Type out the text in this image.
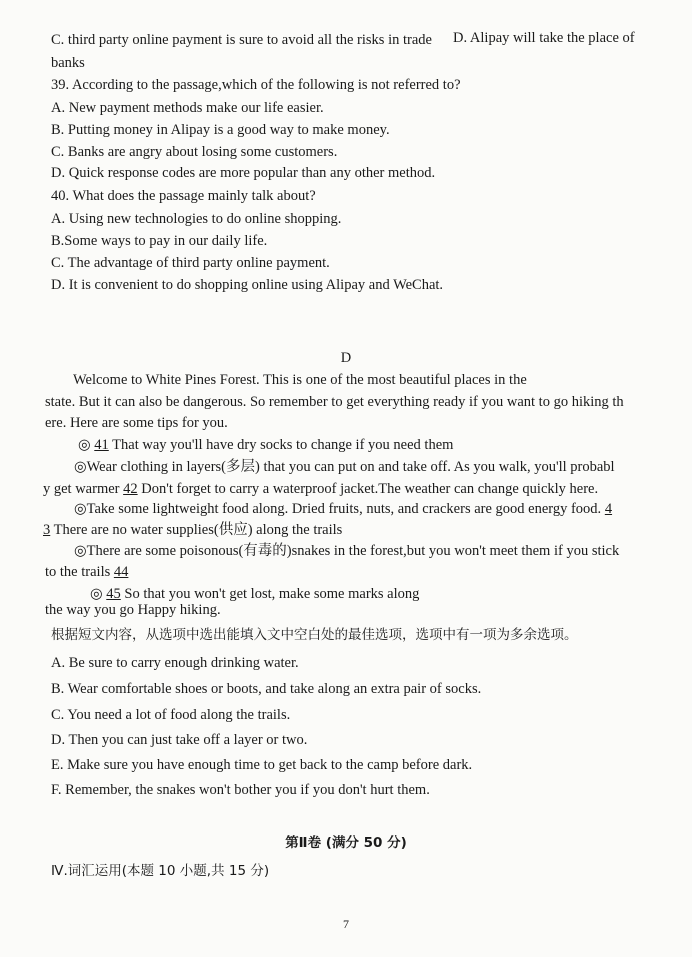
C. third party online payment is sure to avoid all the risks in trade D. Alipay will take the place of
banks
39. According to the passage,which of the following is not referred to?
A. New payment methods make our life easier.
B. Putting money in Alipay is a good way to make money.
C. Banks are angry about losing some customers.
D. Quick response codes are more popular than any other method.
40. What does the passage mainly talk about?
A. Using new technologies to do online shopping.
B.Some ways to pay in our daily life.
C. The advantage of third party online payment.
D. It is convenient to do shopping online using Alipay and WeChat.
D
Welcome to White Pines Forest. This is one of the most beautiful places in the
state. But it can also be dangerous. So remember to get everything ready if you want to go hiking th
ere. Here are some tips for you.
◎ 41 That way you'll have dry socks to change if you need them
◎Wear clothing in layers(多层) that you can put on and take off. As you walk, you'll probabl
y get warmer 42 Don't forget to carry a waterproof jacket.The weather can change quickly here.
◎Take some lightweight food along. Dried fruits, nuts, and crackers are good energy food. 4
3 There are no water supplies(供应) along the trails
◎There are some poisonous(有毒的)snakes in the forest,but you won't meet them if you stick
to the trails 44
◎ 45 So that you won't get lost, make some marks along
the way you go Happy hiking.
根据短文内容，从选项中选出能填入文中空白处的最佳选项，选项中有一项为多余选项。
A. Be sure to carry enough drinking water.
B. Wear comfortable shoes or boots, and take along an extra pair of socks.
C. You need a lot of food along the trails.
D. Then you can just take off a layer or two.
E. Make sure you have enough time to get back to the camp before dark.
F. Remember, the snakes won't bother you if you don't hurt them.
第Ⅱ卷 (满分 50 分)
Ⅳ.词汇运用(本题 10 小题,共 15 分)
7
